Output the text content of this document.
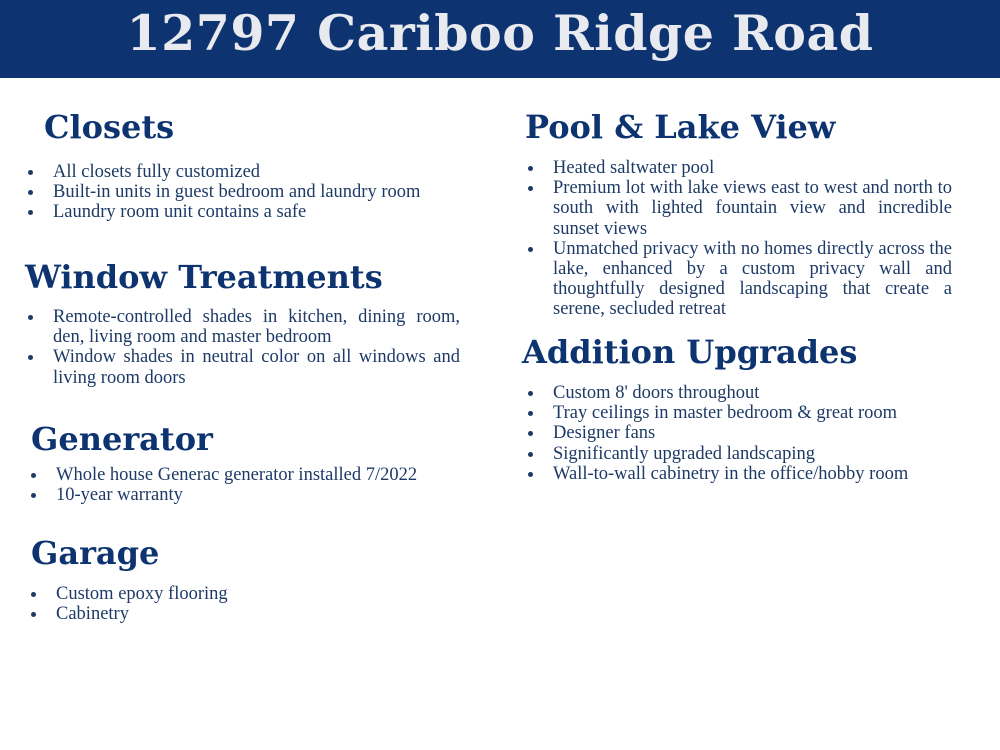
12797 Cariboo Ridge Road
Closets
All closets fully customized
Built-in units in guest bedroom and laundry room
Laundry room unit contains a safe
Window Treatments
Remote-controlled shades in kitchen, dining room, den, living room and master bedroom
Window shades in neutral color on all windows and living room doors
Generator
Whole house Generac generator installed 7/2022
10-year warranty
Garage
Custom epoxy flooring
Cabinetry
Pool & Lake View
Heated saltwater pool
Premium lot with lake views east to west and north to south with lighted fountain view and incredible sunset views
Unmatched privacy with no homes directly across the lake, enhanced by a custom privacy wall and thoughtfully designed landscaping that create a serene, secluded retreat
Addition Upgrades
Custom 8' doors throughout
Tray ceilings in master bedroom & great room
Designer fans
Significantly upgraded landscaping
Wall-to-wall cabinetry in the office/hobby room
